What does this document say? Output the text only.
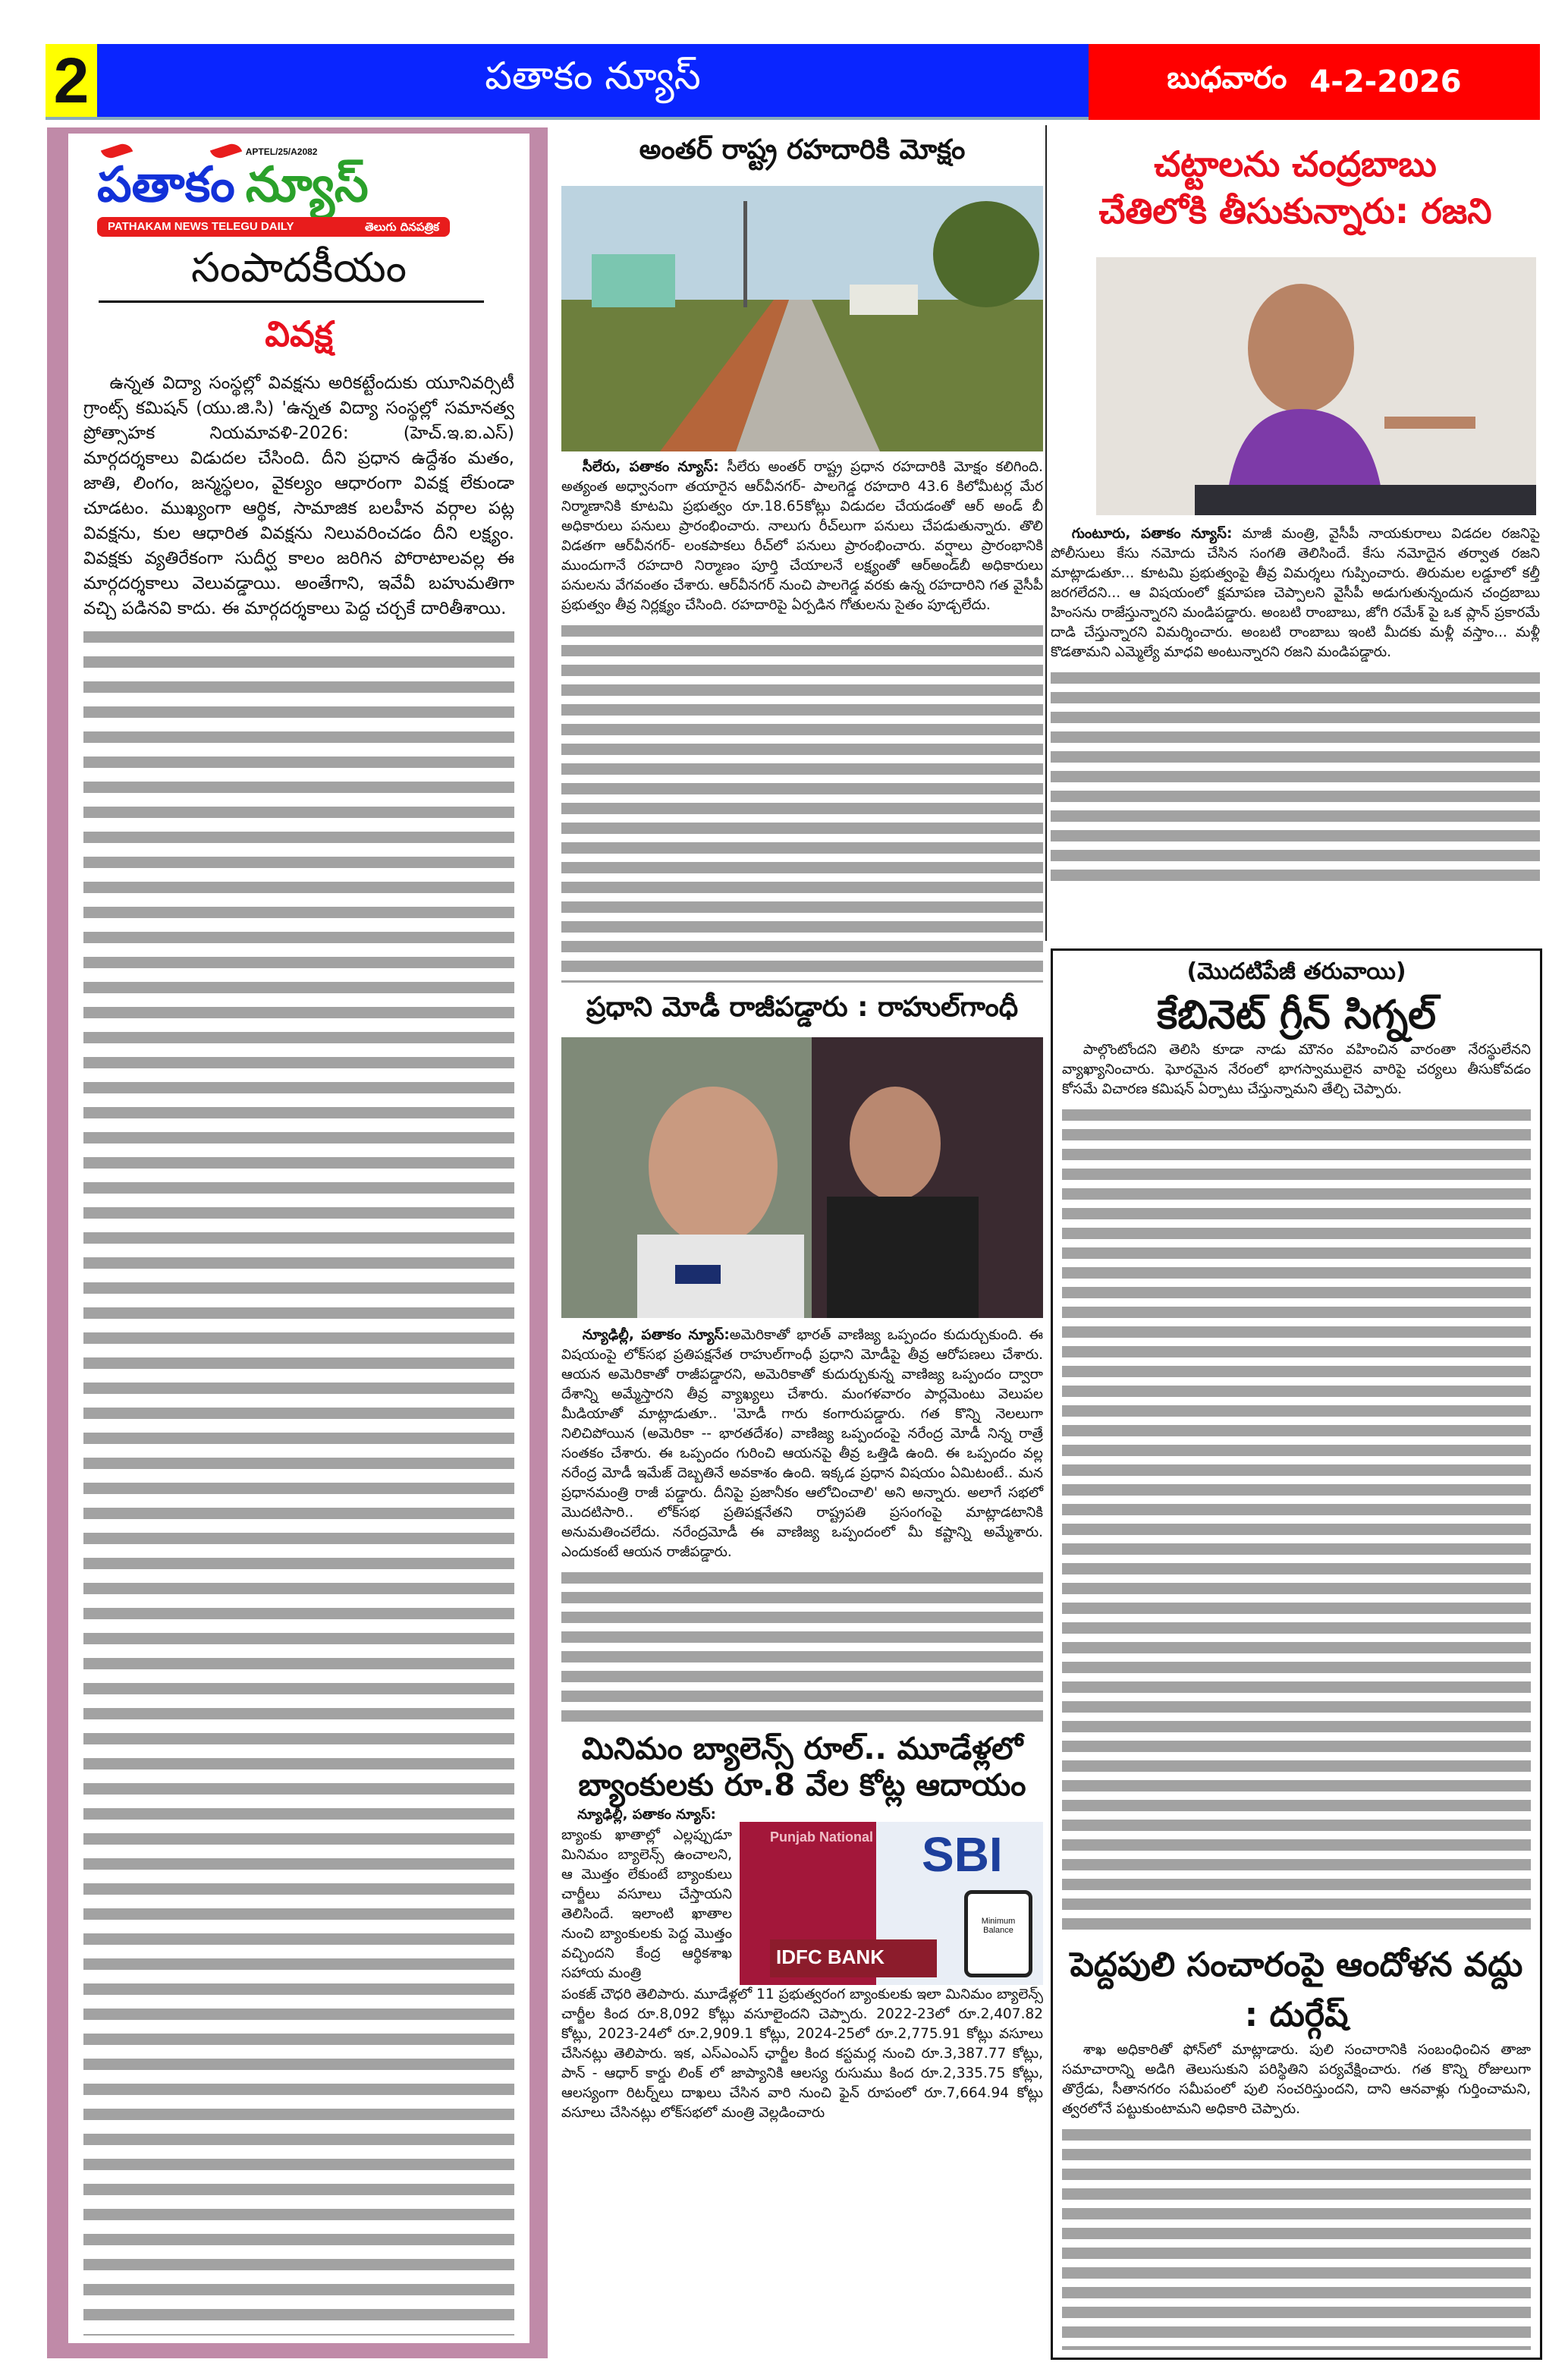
2	పతాకం న్యూస్	బుధవారం 4-2-2026
పతాకం
APTEL/25/A2082
న్యూస్
PATHAKAM NEWS TELEGU DAILY	తెలుగు దినపత్రిక
సంపాదకీయం
వివక్ష

ఉన్నత విద్యా సంస్థల్లో వివక్షను అరికట్టేందుకు యూనివర్సిటీ గ్రాంట్స్ కమిషన్ (యు.జి.సి) 'ఉన్నత విద్యా సంస్థల్లో సమానత్వ ప్రోత్సాహక నియమావళి-2026: (హెచ్.ఇ.ఐ.ఎస్) మార్గదర్శకాలు విడుదల చేసింది. దీని ప్రధాన ఉద్దేశం మతం, జాతి, లింగం, జన్మస్థలం, వైకల్యం ఆధారంగా వివక్ష లేకుండా చూడటం. ముఖ్యంగా ఆర్థిక, సామాజిక బలహీన వర్గాల పట్ల వివక్షను, కుల ఆధారిత వివక్షను నిలువరించడం దీని లక్ష్యం. వివక్షకు వ్యతిరేకంగా సుదీర్ఘ కాలం జరిగిన పోరాటాలవల్ల ఈ మార్గదర్శకాలు వెలువడ్డాయి. అంతేగాని, ఇవేవీ బహుమతిగా వచ్చి పడినవి కాదు. ఈ మార్గదర్శకాలు పెద్ద చర్చకే దారితీశాయి.

అంతర్ రాష్ట్ర రహదారికి మోక్షం

సీలేరు, పతాకం న్యూస్: సీలేరు అంతర్ రాష్ట్ర ప్రధాన రహదారికి మోక్షం కలిగింది. అత్యంత అధ్వానంగా తయారైన ఆర్‌వీనగర్- పాలగెడ్డ రహదారి 43.6 కిలోమీటర్ల మేర నిర్మాణానికి కూటమి ప్రభుత్వం రూ.18.65కోట్లు విడుదల చేయడంతో ఆర్ అండ్ బీ అధికారులు పనులు ప్రారంభించారు. నాలుగు రీచ్‌లుగా పనులు చేపడుతున్నారు. తొలి విడతగా ఆర్‌వీనగర్- లంకపాకలు రీచ్‌లో పనులు ప్రారంభించారు. వర్షాలు ప్రారంభానికి ముందుగానే రహదారి నిర్మాణం పూర్తి చేయాలనే లక్ష్యంతో ఆర్‌అండ్‌బీ అధికారులు పనులను వేగవంతం చేశారు. ఆర్‌వీనగర్ నుంచి పాలగెడ్డ వరకు ఉన్న రహదారిని గత వైసీపీ ప్రభుత్వం తీవ్ర నిర్లక్ష్యం చేసింది. రహదారిపై ఏర్పడిన గోతులను సైతం పూడ్చలేదు.

ప్రధాని మోడీ రాజీపడ్డారు : రాహుల్‌గాంధీ

న్యూఢిల్లీ, పతాకం న్యూస్:అమెరికాతో భారత్ వాణిజ్య ఒప్పందం కుదుర్చుకుంది. ఈ విషయంపై లోక్‌సభ ప్రతిపక్షనేత రాహుల్‌గాంధీ ప్రధాని మోడీపై తీవ్ర ఆరోపణలు చేశారు. ఆయన అమెరికాతో రాజీపడ్డారని, అమెరికాతో కుదుర్చుకున్న వాణిజ్య ఒప్పందం ద్వారా దేశాన్ని అమ్మేస్తారని తీవ్ర వ్యాఖ్యలు చేశారు. మంగళవారం పార్లమెంటు వెలుపల మీడియాతో మాట్లాడుతూ.. 'మోడీ గారు కంగారుపడ్డారు. గత కొన్ని నెలలుగా నిలిచిపోయిన (అమెరికా -- భారతదేశం) వాణిజ్య ఒప్పందంపై నరేంద్ర మోడీ నిన్న రాత్రే సంతకం చేశారు. ఈ ఒప్పందం గురించి ఆయనపై తీవ్ర ఒత్తిడి ఉంది. ఈ ఒప్పందం వల్ల నరేంద్ర మోడీ ఇమేజ్ దెబ్బతినే అవకాశం ఉంది. ఇక్కడ ప్రధాన విషయం ఏమిటంటే.. మన ప్రధానమంత్రి రాజీ పడ్డారు. దీనిపై ప్రజానీకం ఆలోచించాలి' అని అన్నారు. అలాగే సభలో మొదటిసారి.. లోక్‌సభ ప్రతిపక్షనేతని రాష్ట్రపతి ప్రసంగంపై మాట్లాడటానికి అనుమతించలేదు. నరేంద్రమోడీ ఈ వాణిజ్య ఒప్పందంలో మీ కష్టాన్ని అమ్మేశారు. ఎందుకంటే ఆయన రాజీపడ్డారు.

మినిమం బ్యాలెన్స్ రూల్.. మూడేళ్లలో
బ్యాంకులకు రూ.8 వేల కోట్ల ఆదాయం
న్యూఢిల్లీ, పతాకం న్యూస్:

బ్యాంకు ఖాతాల్లో ఎల్లప్పుడూ మినిమం బ్యాలెన్స్ ఉంచాలని, ఆ మొత్తం లేకుంటే బ్యాంకులు చార్జీలు వసూలు చేస్తాయని తెలిసిందే. ఇలాంటి ఖాతాల నుంచి బ్యాంకులకు పెద్ద మొత్తం వచ్చిందని కేంద్ర ఆర్థికశాఖ సహాయ మంత్రి

Punjab National SBI
IDFC BANK
Minimum Balance

పంకజ్ చౌధరి తెలిపారు. మూడేళ్లలో 11 ప్రభుత్వరంగ బ్యాంకులకు ఇలా మినిమం బ్యాలెన్స్ చార్జీల కింద రూ.8,092 కోట్లు వసూలైందని చెప్పారు. 2022-23లో రూ.2,407.82 కోట్లు, 2023-24లో రూ.2,909.1 కోట్లు, 2024-25లో రూ.2,775.91 కోట్లు వసూలు చేసినట్లు తెలిపారు. ఇక, ఎస్ఎంఎస్ ఛార్జీల కింద కస్టమర్ల నుంచి రూ.3,387.77 కోట్లు, పాన్ - ఆధార్ కార్డు లింక్ లో జాప్యానికి ఆలస్య రుసుము కింద రూ.2,335.75 కోట్లు, ఆలస్యంగా రిటర్న్‌లు దాఖలు చేసిన వారి నుంచి ఫైన్ రూపంలో రూ.7,664.94 కోట్లు వసూలు చేసినట్లు లోక్‌సభలో మంత్రి వెల్లడించారు

చట్టాలను చంద్రబాబు
చేతిలోకి తీసుకున్నారు: రజని

గుంటూరు, పతాకం న్యూస్: మాజీ మంత్రి, వైసీపీ నాయకురాలు విడదల రజనిపై పోలీసులు కేసు నమోదు చేసిన సంగతి తెలిసిందే. కేసు నమోదైన తర్వాత రజని మాట్లాడుతూ... కూటమి ప్రభుత్వంపై తీవ్ర విమర్శలు గుప్పించారు. తిరుమల లడ్డూలో కల్తీ జరగలేదని... ఆ విషయంలో క్షమాపణ చెప్పాలని వైసీపీ అడుగుతున్నందున చంద్రబాబు హింసను రాజేస్తున్నారని మండిపడ్డారు. అంబటి రాంబాబు, జోగి రమేశ్ పై ఒక ప్లాన్ ప్రకారమే దాడి చేస్తున్నారని విమర్శించారు. అంబటి రాంబాబు ఇంటి మీదకు మళ్లీ వస్తాం... మళ్లీ కొడతామని ఎమ్మెల్యే మాధవి అంటున్నారని రజని మండిపడ్డారు.

(మొదటిపేజీ తరువాయి)
కేబినెట్ గ్రీన్ సిగ్నల్

పాల్గొంటోందని తెలిసి కూడా నాడు మౌనం వహించిన వారంతా నేరస్థులేనని వ్యాఖ్యానించారు. ఘోరమైన నేరంలో భాగస్వాములైన వారిపై చర్యలు తీసుకోవడం కోసమే విచారణ కమిషన్ ఏర్పాటు చేస్తున్నామని తేల్చి చెప్పారు.

పెద్దపులి సంచారంపై ఆందోళన వద్దు : దుర్గేష్

శాఖ అధికారితో ఫోన్‌లో మాట్లాడారు. పులి సంచారానికి సంబంధించిన తాజా సమాచారాన్ని అడిగి తెలుసుకుని పరిస్థితిని పర్యవేక్షించారు. గత కొన్ని రోజులుగా తొర్రేడు, సీతానగరం సమీపంలో పులి సంచరిస్తుందని, దాని ఆనవాళ్లు గుర్తించామని, త్వరలోనే పట్టుకుంటామని అధికారి చెప్పారు.
